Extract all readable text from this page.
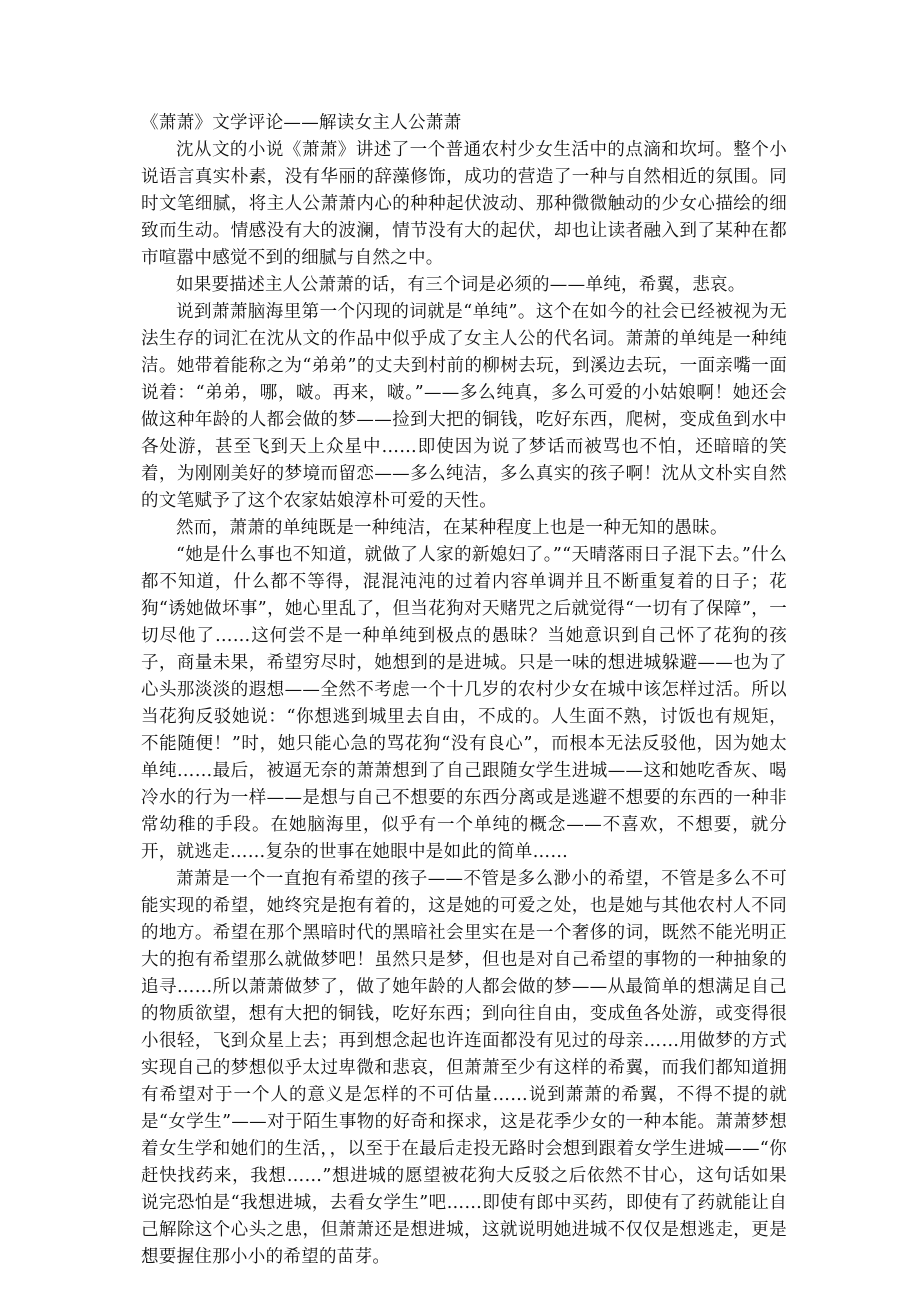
《萧萧》文学评论——解读女主人公萧萧

沈从文的小说《萧萧》讲述了一个普通农村少女生活中的点滴和坎坷。整个小说语言真实朴素，没有华丽的辞藻修饰，成功的营造了一种与自然相近的氛围。同时文笔细腻，将主人公萧萧内心的种种起伏波动、那种微微触动的少女心描绘的细致而生动。情感没有大的波澜，情节没有大的起伏，却也让读者融入到了某种在都市喧嚣中感觉不到的细腻与自然之中。

如果要描述主人公萧萧的话，有三个词是必须的——单纯，希翼，悲哀。

说到萧萧脑海里第一个闪现的词就是“单纯”。这个在如今的社会已经被视为无法生存的词汇在沈从文的作品中似乎成了女主人公的代名词。萧萧的单纯是一种纯洁。她带着能称之为“弟弟”的丈夫到村前的柳树去玩，到溪边去玩，一面亲嘴一面说着：“弟弟，哪，啵。再来，啵。”——多么纯真，多么可爱的小姑娘啊！她还会做这种年龄的人都会做的梦——捡到大把的铜钱，吃好东西，爬树，变成鱼到水中各处游，甚至飞到天上众星中……即使因为说了梦话而被骂也不怕，还暗暗的笑着，为刚刚美好的梦境而留恋——多么纯洁，多么真实的孩子啊！沈从文朴实自然的文笔赋予了这个农家姑娘淳朴可爱的天性。

然而，萧萧的单纯既是一种纯洁，在某种程度上也是一种无知的愚昧。

“她是什么事也不知道，就做了人家的新媳妇了。”“天晴落雨日子混下去。”什么都不知道，什么都不等得，混混沌沌的过着内容单调并且不断重复着的日子；花狗“诱她做坏事”，她心里乱了，但当花狗对天赌咒之后就觉得“一切有了保障”，一切尽他了……这何尝不是一种单纯到极点的愚昧？当她意识到自己怀了花狗的孩子，商量未果，希望穷尽时，她想到的是进城。只是一味的想进城躲避——也为了心头那淡淡的遐想——全然不考虑一个十几岁的农村少女在城中该怎样过活。所以当花狗反驳她说：“你想逃到城里去自由，不成的。人生面不熟，讨饭也有规矩，不能随便！”时，她只能心急的骂花狗“没有良心”，而根本无法反驳他，因为她太单纯……最后，被逼无奈的萧萧想到了自己跟随女学生进城——这和她吃香灰、喝冷水的行为一样——是想与自己不想要的东西分离或是逃避不想要的东西的一种非常幼稚的手段。在她脑海里，似乎有一个单纯的概念——不喜欢，不想要，就分开，就逃走……复杂的世事在她眼中是如此的简单……

萧萧是一个一直抱有希望的孩子——不管是多么渺小的希望，不管是多么不可能实现的希望，她终究是抱有着的，这是她的可爱之处，也是她与其他农村人不同的地方。希望在那个黑暗时代的黑暗社会里实在是一个奢侈的词，既然不能光明正大的抱有希望那么就做梦吧！虽然只是梦，但也是对自己希望的事物的一种抽象的追寻……所以萧萧做梦了，做了她年龄的人都会做的梦——从最简单的想满足自己的物质欲望，想有大把的铜钱，吃好东西；到向往自由，变成鱼各处游，或变得很小很轻，飞到众星上去；再到想念起也许连面都没有见过的母亲……用做梦的方式实现自己的梦想似乎太过卑微和悲哀，但萧萧至少有这样的希翼，而我们都知道拥有希望对于一个人的意义是怎样的不可估量……说到萧萧的希翼，不得不提的就是“女学生”——对于陌生事物的好奇和探求，这是花季少女的一种本能。萧萧梦想着女生学和她们的生活，，以至于在最后走投无路时会想到跟着女学生进城——“你赶快找药来，我想……”想进城的愿望被花狗大反驳之后依然不甘心，这句话如果说完恐怕是“我想进城，去看女学生”吧……即使有郎中买药，即使有了药就能让自己解除这个心头之患，但萧萧还是想进城，这就说明她进城不仅仅是想逃走，更是想要握住那小小的希望的苗芽。
